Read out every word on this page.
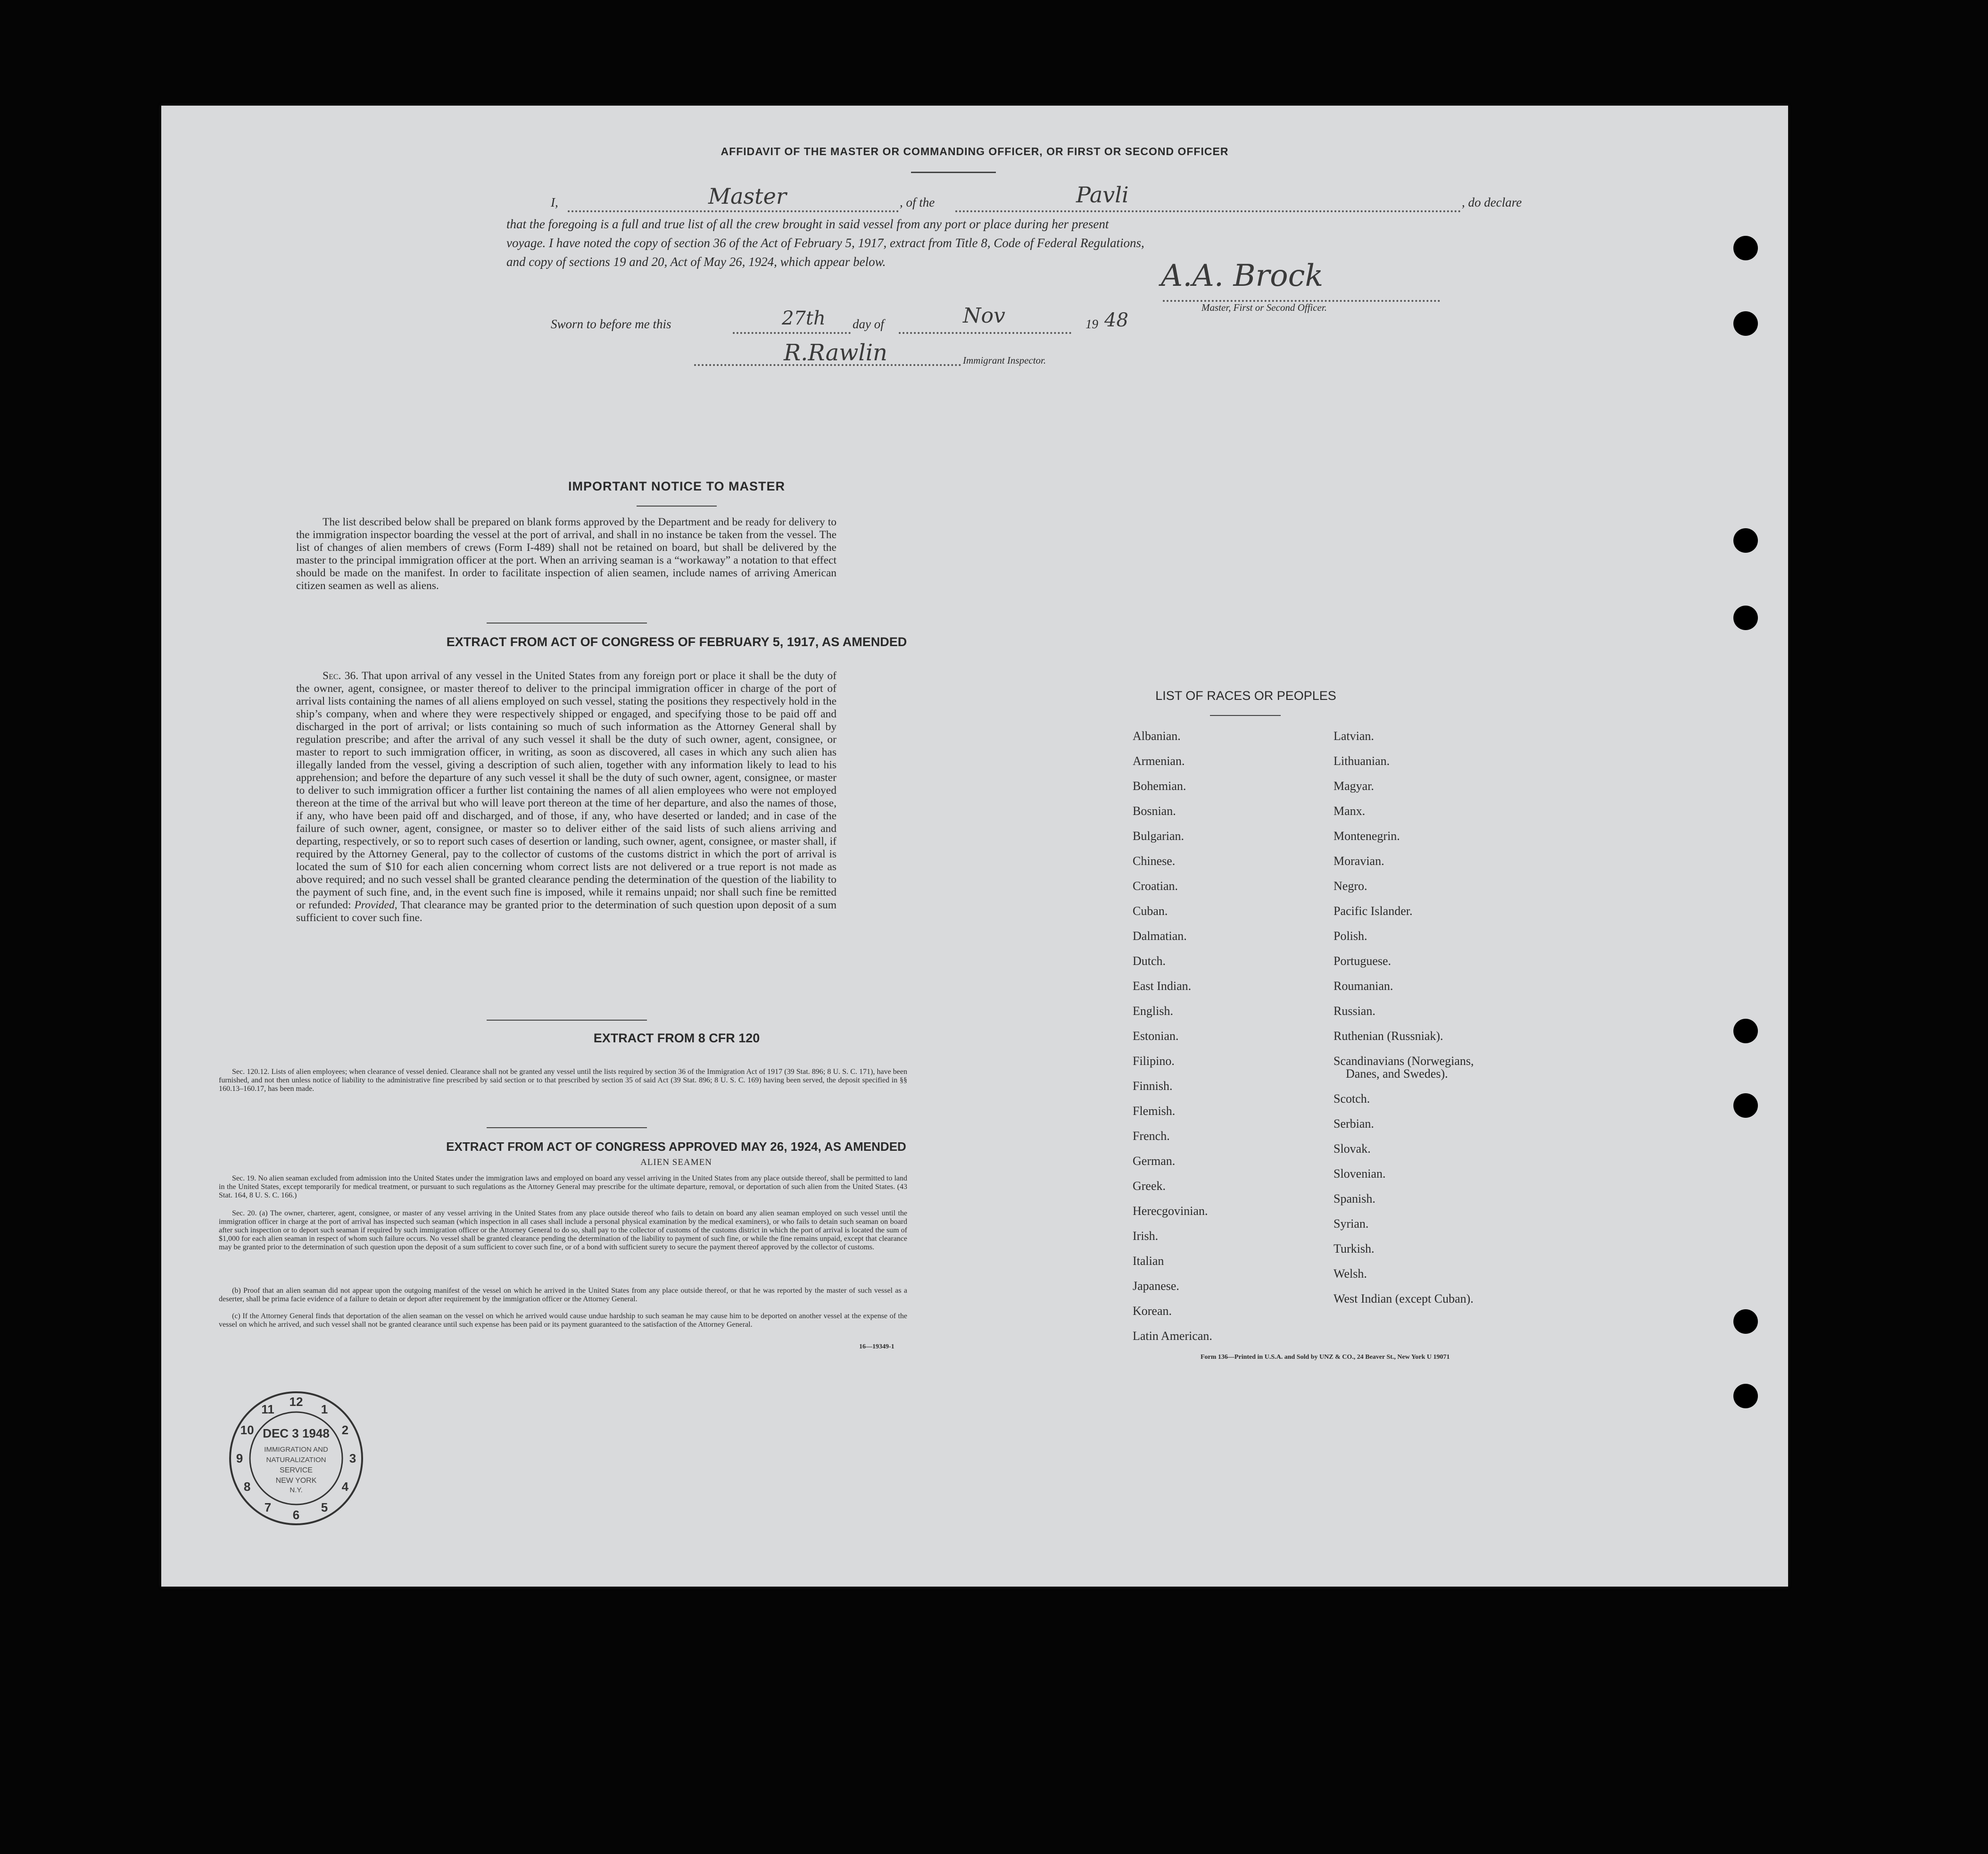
AFFIDAVIT OF THE MASTER OR COMMANDING OFFICER, OR FIRST OR SECOND OFFICER
I,	Master	, of the	Pavli	, do declare
that the foregoing is a full and true list of all the crew brought in said vessel from any port or place during her present
voyage. I have noted the copy of section 36 of the Act of February 5, 1917, extract from Title 8, Code of Federal Regulations,
and copy of sections 19 and 20, Act of May 26, 1924, which appear below.	A.A. Brock
Master, First or Second Officer.
Sworn to before me this	27th day of	Nov	19 48
R.Rawlin	Immigrant Inspector.
IMPORTANT NOTICE TO MASTER
The list described below shall be prepared on blank forms approved by the Department and be ready for delivery to the immigration inspector boarding the vessel at the port of arrival, and shall in no instance be taken from the vessel. The list of changes of alien members of crews (Form I-489) shall not be retained on board, but shall be delivered by the master to the principal immigration officer at the port. When an arriving seaman is a “workaway” a notation to that effect should be made on the manifest. In order to facilitate inspection of alien seamen, include names of arriving American citizen seamen as well as aliens.
EXTRACT FROM ACT OF CONGRESS OF FEBRUARY 5, 1917, AS AMENDED
Sec. 36. That upon arrival of any vessel in the United States from any foreign port or place it shall be the duty of the owner, agent, consignee, or master thereof to deliver to the principal immigration officer in charge of the port of arrival lists containing the names of all aliens employed on such vessel, stating the positions they respectively hold in the ship’s company, when and where they were respectively shipped or engaged, and specifying those to be paid off and discharged in the port of arrival; or lists containing so much of such information as the Attorney General shall by regulation prescribe; and after the arrival of any such vessel it shall be the duty of such owner, agent, consignee, or master to report to such immigration officer, in writing, as soon as discovered, all cases in which any such alien has illegally landed from the vessel, giving a description of such alien, together with any information likely to lead to his apprehension; and before the departure of any such vessel it shall be the duty of such owner, agent, consignee, or master to deliver to such immigration officer a further list containing the names of all alien employees who were not employed thereon at the time of the arrival but who will leave port thereon at the time of her departure, and also the names of those, if any, who have been paid off and discharged, and of those, if any, who have deserted or landed; and in case of the failure of such owner, agent, consignee, or master so to deliver either of the said lists of such aliens arriving and departing, respectively, or so to report such cases of desertion or landing, such owner, agent, consignee, or master shall, if required by the Attorney General, pay to the collector of customs of the customs district in which the port of arrival is located the sum of $10 for each alien concerning whom correct lists are not delivered or a true report is not made as above required; and no such vessel shall be granted clearance pending the determination of the question of the liability to the payment of such fine, and, in the event such fine is imposed, while it remains unpaid; nor shall such fine be remitted or refunded: Provided, That clearance may be granted prior to the determination of such question upon deposit of a sum sufficient to cover such fine.
EXTRACT FROM 8 CFR 120
Sec. 120.12. Lists of alien employees; when clearance of vessel denied. Clearance shall not be granted any vessel until the lists required by section 36 of the Immigration Act of 1917 (39 Stat. 896; 8 U. S. C. 171), have been furnished, and not then unless notice of liability to the administrative fine prescribed by said section or to that prescribed by section 35 of said Act (39 Stat. 896; 8 U. S. C. 169) having been served, the deposit specified in §§ 160.13–160.17, has been made.
EXTRACT FROM ACT OF CONGRESS APPROVED MAY 26, 1924, AS AMENDED
ALIEN SEAMEN
Sec. 19. No alien seaman excluded from admission into the United States under the immigration laws and employed on board any vessel arriving in the United States from any place outside thereof, shall be permitted to land in the United States, except temporarily for medical treatment, or pursuant to such regulations as the Attorney General may prescribe for the ultimate departure, removal, or deportation of such alien from the United States. (43 Stat. 164, 8 U. S. C. 166.)
Sec. 20. (a) The owner, charterer, agent, consignee, or master of any vessel arriving in the United States from any place outside thereof who fails to detain on board any alien seaman employed on such vessel until the immigration officer in charge at the port of arrival has inspected such seaman (which inspection in all cases shall include a personal physical examination by the medical examiners), or who fails to detain such seaman on board after such inspection or to deport such seaman if required by such immigration officer or the Attorney General to do so, shall pay to the collector of customs of the customs district in which the port of arrival is located the sum of $1,000 for each alien seaman in respect of whom such failure occurs. No vessel shall be granted clearance pending the determination of the liability to payment of such fine, or while the fine remains unpaid, except that clearance may be granted prior to the determination of such question upon the deposit of a sum sufficient to cover such fine, or of a bond with sufficient surety to secure the payment thereof approved by the collector of customs.
(b) Proof that an alien seaman did not appear upon the outgoing manifest of the vessel on which he arrived in the United States from any place outside thereof, or that he was reported by the master of such vessel as a deserter, shall be prima facie evidence of a failure to detain or deport after requirement by the immigration officer or the Attorney General.
(c) If the Attorney General finds that deportation of the alien seaman on the vessel on which he arrived would cause undue hardship to such seaman he may cause him to be deported on another vessel at the expense of the vessel on which he arrived, and such vessel shall not be granted clearance until such expense has been paid or its payment guaranteed to the satisfaction of the Attorney General.
16—19349-1
LIST OF RACES OR PEOPLES
Albanian.
Armenian.
Bohemian.
Bosnian.
Bulgarian.
Chinese.
Croatian.
Cuban.
Dalmatian.
Dutch.
East Indian.
English.
Estonian.
Filipino.
Finnish.
Flemish.
French.
German.
Greek.
Herecgovinian.
Irish.
Italian
Japanese.
Korean.
Latin American.
Latvian.
Lithuanian.
Magyar.
Manx.
Montenegrin.
Moravian.
Negro.
Pacific Islander.
Polish.
Portuguese.
Roumanian.
Russian.
Ruthenian (Russniak).
Scandinavians (Norwegians,
Danes, and Swedes).
Scotch.
Serbian.
Slovak.
Slovenian.
Spanish.
Syrian.
Turkish.
Welsh.
West Indian (except Cuban).
Form 136—Printed in U.S.A. and Sold by UNZ & CO., 24 Beaver St., New York U 19071
12
1
2
3
4
5
6
7
8
9
10
11
DEC 3 1948
IMMIGRATION AND
NATURALIZATION
SERVICE
NEW YORK
N.Y.
